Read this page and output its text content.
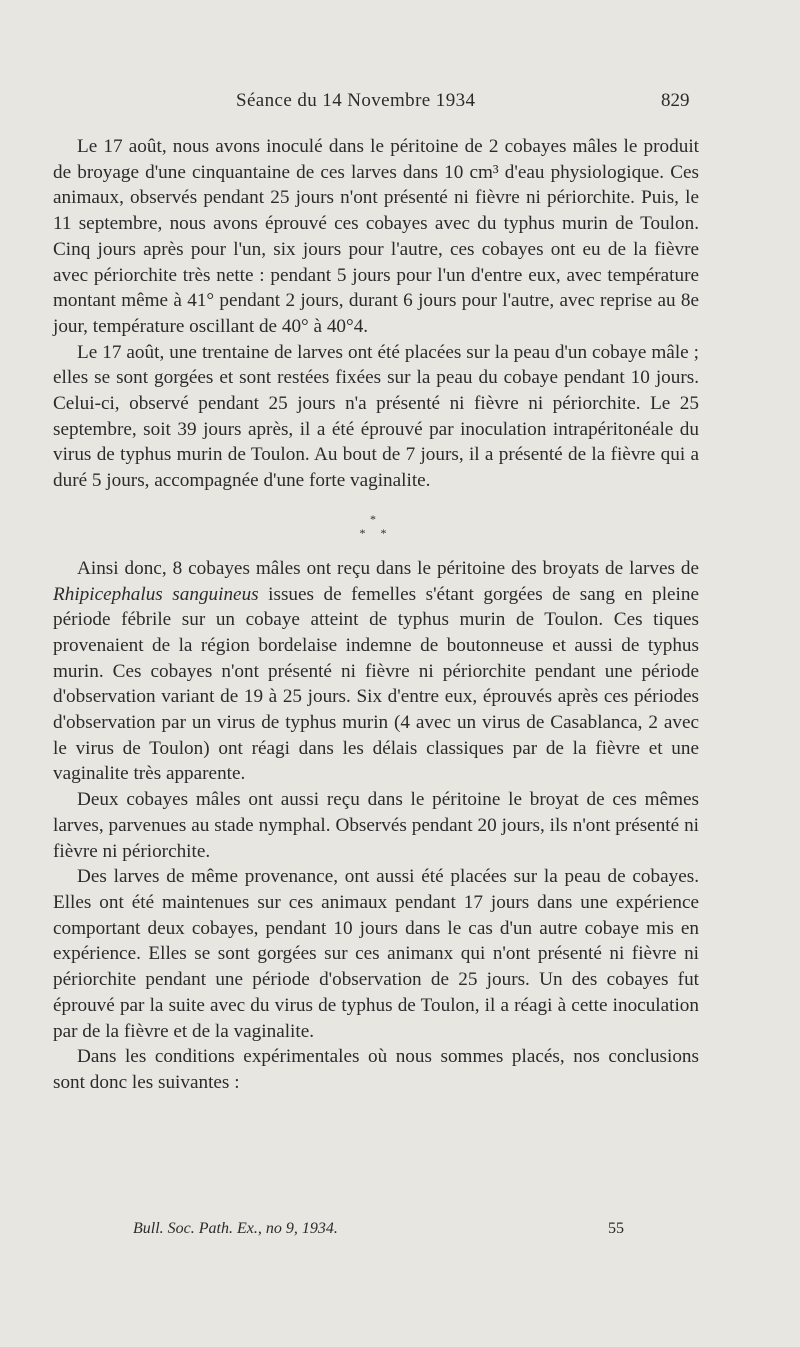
Séance du 14 Novembre 1934	829

Le 17 août, nous avons inoculé dans le péritoine de 2 cobayes mâles le produit de broyage d'une cinquantaine de ces larves dans 10 cm³ d'eau physiologique. Ces animaux, observés pendant 25 jours n'ont présenté ni fièvre ni périorchite. Puis, le 11 septembre, nous avons éprouvé ces cobayes avec du typhus murin de Toulon. Cinq jours après pour l'un, six jours pour l'autre, ces cobayes ont eu de la fièvre avec périorchite très nette : pendant 5 jours pour l'un d'entre eux, avec température montant même à 41° pendant 2 jours, durant 6 jours pour l'autre, avec reprise au 8e jour, température oscillant de 40° à 40°4.

Le 17 août, une trentaine de larves ont été placées sur la peau d'un cobaye mâle ; elles se sont gorgées et sont restées fixées sur la peau du cobaye pendant 10 jours. Celui-ci, observé pendant 25 jours n'a présenté ni fièvre ni périorchite. Le 25 septembre, soit 39 jours après, il a été éprouvé par inoculation intrapéritonéale du virus de typhus murin de Toulon. Au bout de 7 jours, il a présenté de la fièvre qui a duré 5 jours, accompagnée d'une forte vaginalite.

*
* *

Ainsi donc, 8 cobayes mâles ont reçu dans le péritoine des broyats de larves de Rhipicephalus sanguineus issues de femelles s'étant gorgées de sang en pleine période fébrile sur un cobaye atteint de typhus murin de Toulon. Ces tiques provenaient de la région bordelaise indemne de boutonneuse et aussi de typhus murin. Ces cobayes n'ont présenté ni fièvre ni périorchite pendant une période d'observation variant de 19 à 25 jours. Six d'entre eux, éprouvés après ces périodes d'observation par un virus de typhus murin (4 avec un virus de Casablanca, 2 avec le virus de Toulon) ont réagi dans les délais classiques par de la fièvre et une vaginalite très apparente.

Deux cobayes mâles ont aussi reçu dans le péritoine le broyat de ces mêmes larves, parvenues au stade nymphal. Observés pendant 20 jours, ils n'ont présenté ni fièvre ni périorchite.

Des larves de même provenance, ont aussi été placées sur la peau de cobayes. Elles ont été maintenues sur ces animaux pendant 17 jours dans une expérience comportant deux cobayes, pendant 10 jours dans le cas d'un autre cobaye mis en expérience. Elles se sont gorgées sur ces animanx qui n'ont présenté ni fièvre ni périorchite pendant une période d'observation de 25 jours. Un des cobayes fut éprouvé par la suite avec du virus de typhus de Toulon, il a réagi à cette inoculation par de la fièvre et de la vaginalite.

Dans les conditions expérimentales où nous sommes placés, nos conclusions sont donc les suivantes :

Bull. Soc. Path. Ex., no 9, 1934.	55
